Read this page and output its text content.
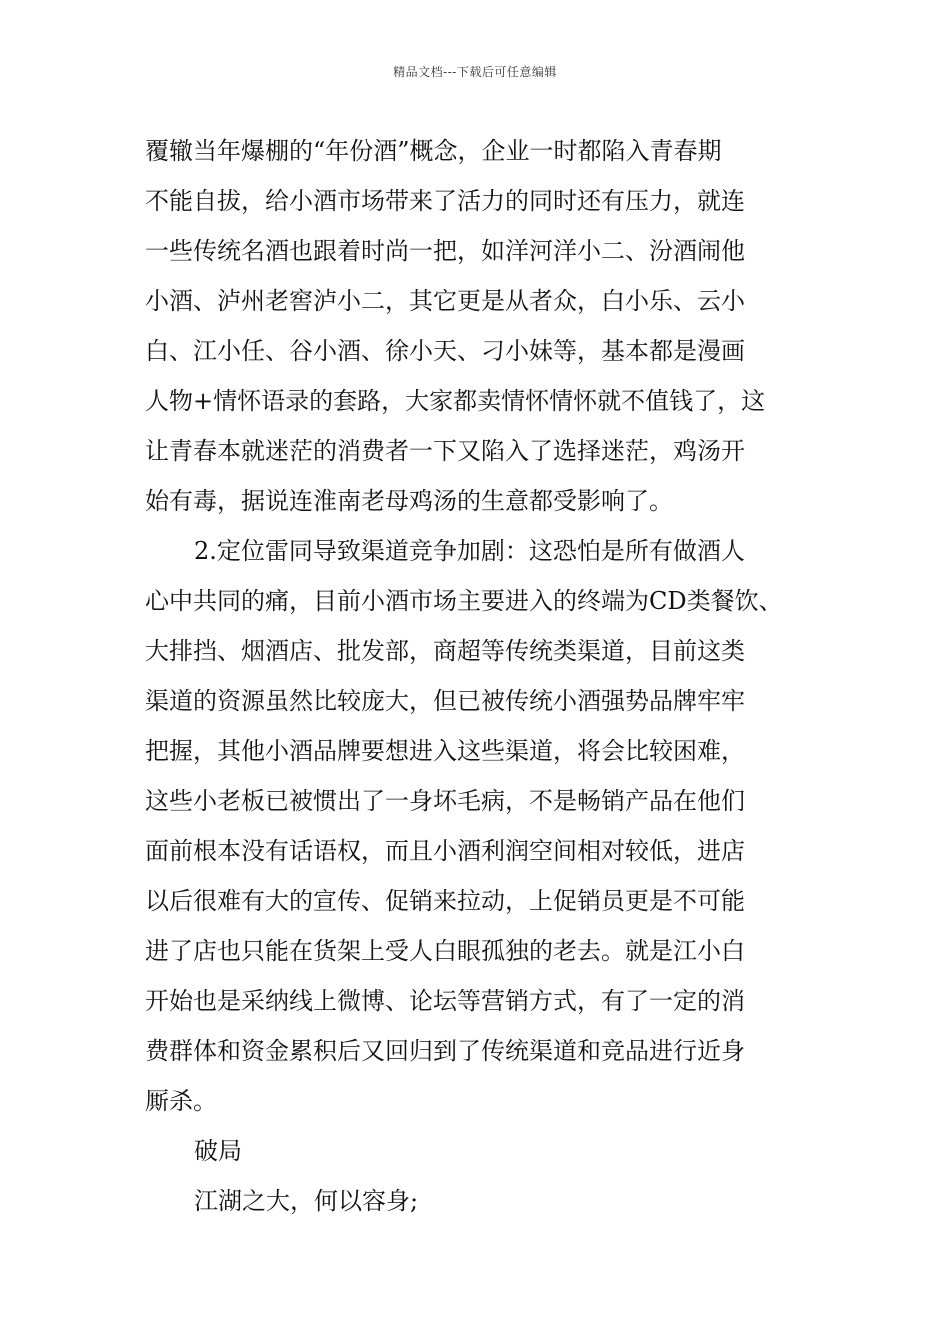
精品文档---下载后可任意编辑
覆辙当年爆棚的“年份酒”概念，企业一时都陷入青春期
不能自拔，给小酒市场带来了活力的同时还有压力，就连
一些传统名酒也跟着时尚一把，如洋河洋小二、汾酒闹他
小酒、泸州老窖泸小二，其它更是从者众，白小乐、云小
白、江小任、谷小酒、徐小天、刁小妹等，基本都是漫画
人物+情怀语录的套路，大家都卖情怀情怀就不值钱了，这
让青春本就迷茫的消费者一下又陷入了选择迷茫，鸡汤开
始有毒，据说连淮南老母鸡汤的生意都受影响了。
2.定位雷同导致渠道竞争加剧：这恐怕是所有做酒人
心中共同的痛，目前小酒市场主要进入的终端为CD类餐饮、
大排挡、烟酒店、批发部，商超等传统类渠道，目前这类
渠道的资源虽然比较庞大，但已被传统小酒强势品牌牢牢
把握，其他小酒品牌要想进入这些渠道，将会比较困难，
这些小老板已被惯出了一身坏毛病，不是畅销产品在他们
面前根本没有话语权，而且小酒利润空间相对较低，进店
以后很难有大的宣传、促销来拉动，上促销员更是不可能
进了店也只能在货架上受人白眼孤独的老去。就是江小白
开始也是采纳线上微博、论坛等营销方式，有了一定的消
费群体和资金累积后又回归到了传统渠道和竞品进行近身
厮杀。
破局
江湖之大，何以容身;
